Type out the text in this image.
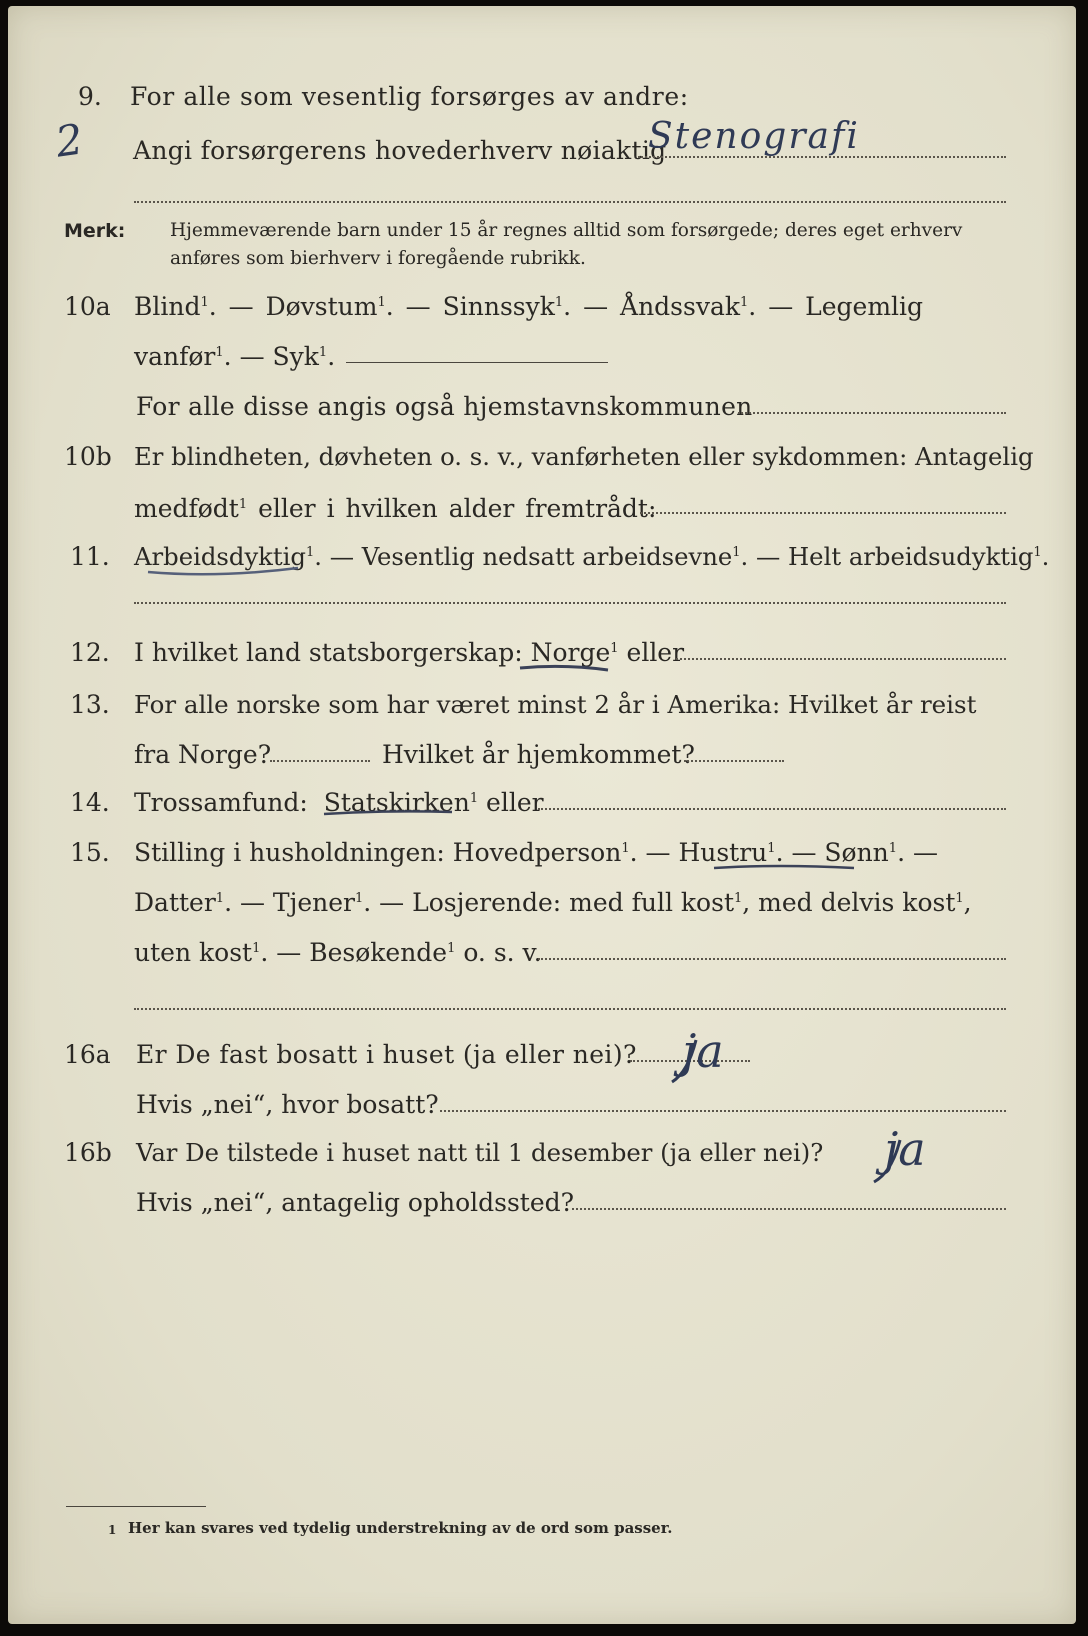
2
9. For alle som vesentlig forsørges av andre:
Angi forsørgerens hovederhverv nøiaktig
Stenografi
Merk: Hjemmeværende barn under 15 år regnes alltid som forsørgede; deres eget erhverv
anføres som bierhverv i foregående rubrikk.
10a Blind$^1$. — Døvstum$^1$. — Sinnssyk$^1$. — Åndssvak$^1$. — Legemlig
vanfør$^1$. — Syk$^1$.
For alle disse angis også hjemstavnskommunen
10b Er blindheten, døvheten o. s. v., vanførheten eller sykdommen: Antagelig
medfødt$^1$ eller i hvilken alder fremtrådt:
11. Arbeidsdyktig$^1$. — Vesentlig nedsatt arbeidsevne$^1$. — Helt arbeidsudyktig$^1$.
12. I hvilket land statsborgerskap: Norge$^1$ eller
13. For alle norske som har været minst 2 år i Amerika: Hvilket år reist
fra Norge?	Hvilket år hjemkommet?
14. Trossamfund: Statskirken$^1$ eller
15. Stilling i husholdningen: Hovedperson$^1$. — Hustru$^1$. — Sønn$^1$. —
Datter$^1$. — Tjener$^1$. — Losjerende: med full kost$^1$, med delvis kost$^1$,
uten kost$^1$. — Besøkende$^1$ o. s. v.
16a Er De fast bosatt i huset (ja eller nei)? ja
Hvis „nei“, hvor bosatt?
16b Var De tilstede i huset natt til 1 desember (ja eller nei)? ja
Hvis „nei“, antagelig opholdssted?
1 Her kan svares ved tydelig understrekning av de ord som passer.
